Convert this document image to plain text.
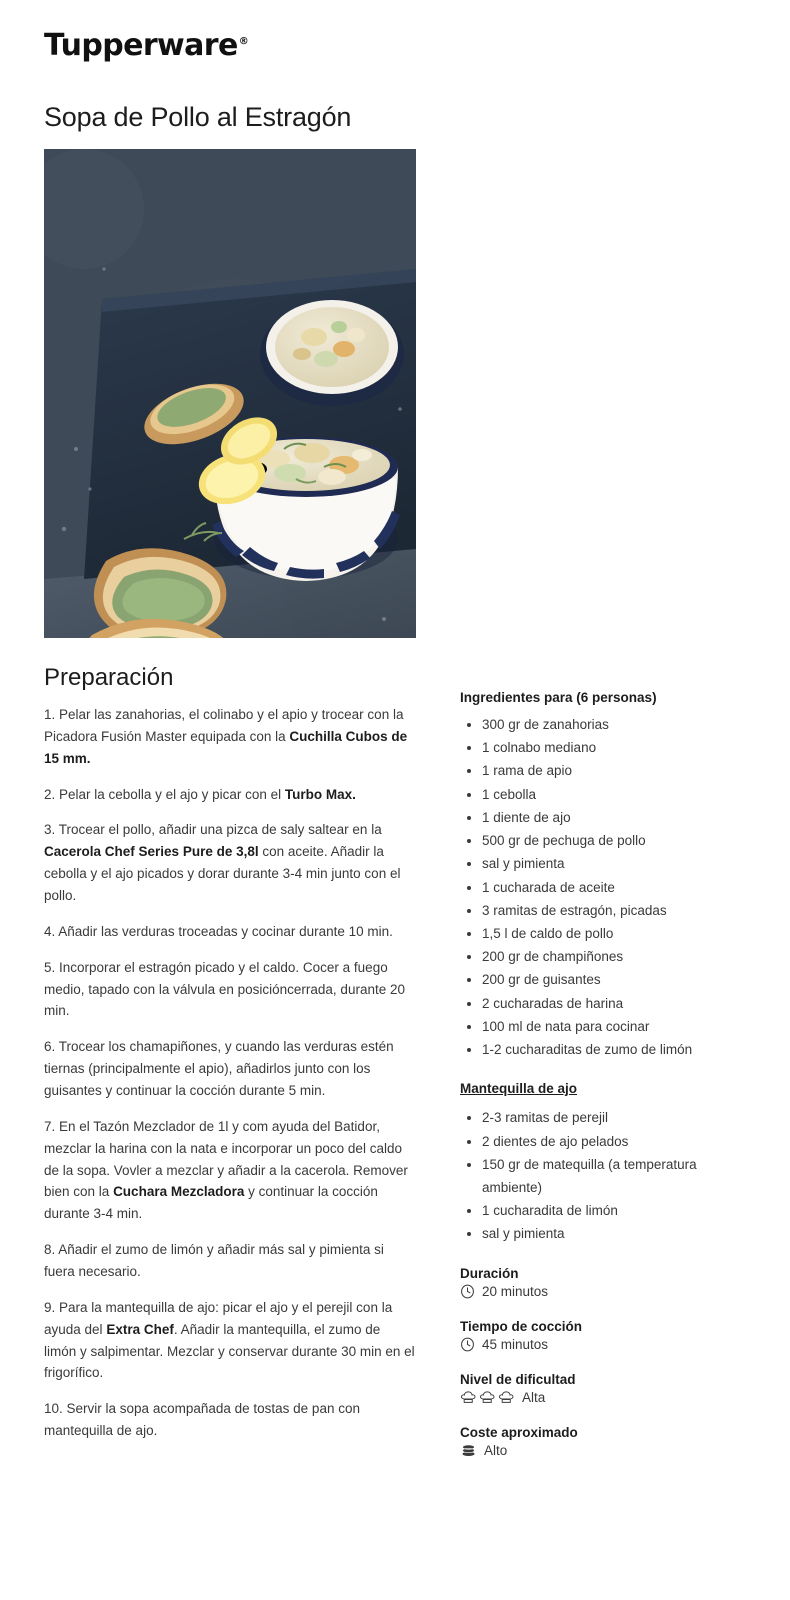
Tupperware®
Sopa de Pollo al Estragón
Preparación

1. Pelar las zanahorias, el colinabo y el apio y trocear con la Picadora Fusión Master equipada con la Cuchilla Cubos de 15 mm.

2. Pelar la cebolla y el ajo y picar con el Turbo Max.

3. Trocear el pollo, añadir una pizca de saly saltear en la Cacerola Chef Series Pure de 3,8l con aceite. Añadir la cebolla y el ajo picados y dorar durante 3-4 min junto con el pollo.

4. Añadir las verduras troceadas y cocinar durante 10 min.

5. Incorporar el estragón picado y el caldo. Cocer a fuego medio, tapado con la válvula en posicióncerrada, durante 20 min.

6. Trocear los chamapiñones, y cuando las verduras estén tiernas (principalmente el apio), añadirlos junto con los guisantes y continuar la cocción durante 5 min.

7. En el Tazón Mezclador de 1l y com ayuda del Batidor, mezclar la harina con la nata e incorporar un poco del caldo de la sopa. Vovler a mezclar y añadir a la cacerola. Remover bien con la Cuchara Mezcladora y continuar la cocción durante 3-4 min.

8. Añadir el zumo de limón y añadir más sal y pimienta si fuera necesario.

9. Para la mantequilla de ajo: picar el ajo y el perejil con la ayuda del Extra Chef. Añadir la mantequilla, el zumo de limón y salpimentar. Mezclar y conservar durante 30 min en el frigorífico.

10. Servir la sopa acompañada de tostas de pan con mantequilla de ajo.

Ingredientes para (6 personas)
• 300 gr de zanahorias
• 1 colnabo mediano
• 1 rama de apio
• 1 cebolla
• 1 diente de ajo
• 500 gr de pechuga de pollo
• sal y pimienta
• 1 cucharada de aceite
• 3 ramitas de estragón, picadas
• 1,5 l de caldo de pollo
• 200 gr de champiñones
• 200 gr de guisantes
• 2 cucharadas de harina
• 100 ml de nata para cocinar
• 1-2 cucharaditas de zumo de limón
Mantequilla de ajo
• 2-3 ramitas de perejil
• 2 dientes de ajo pelados
• 150 gr de matequilla (a temperatura ambiente)
• 1 cucharadita de limón
• sal y pimienta
Duración
20 minutos
Tiempo de cocción
45 minutos
Nivel de dificultad
Alta
Coste aproximado
Alto
